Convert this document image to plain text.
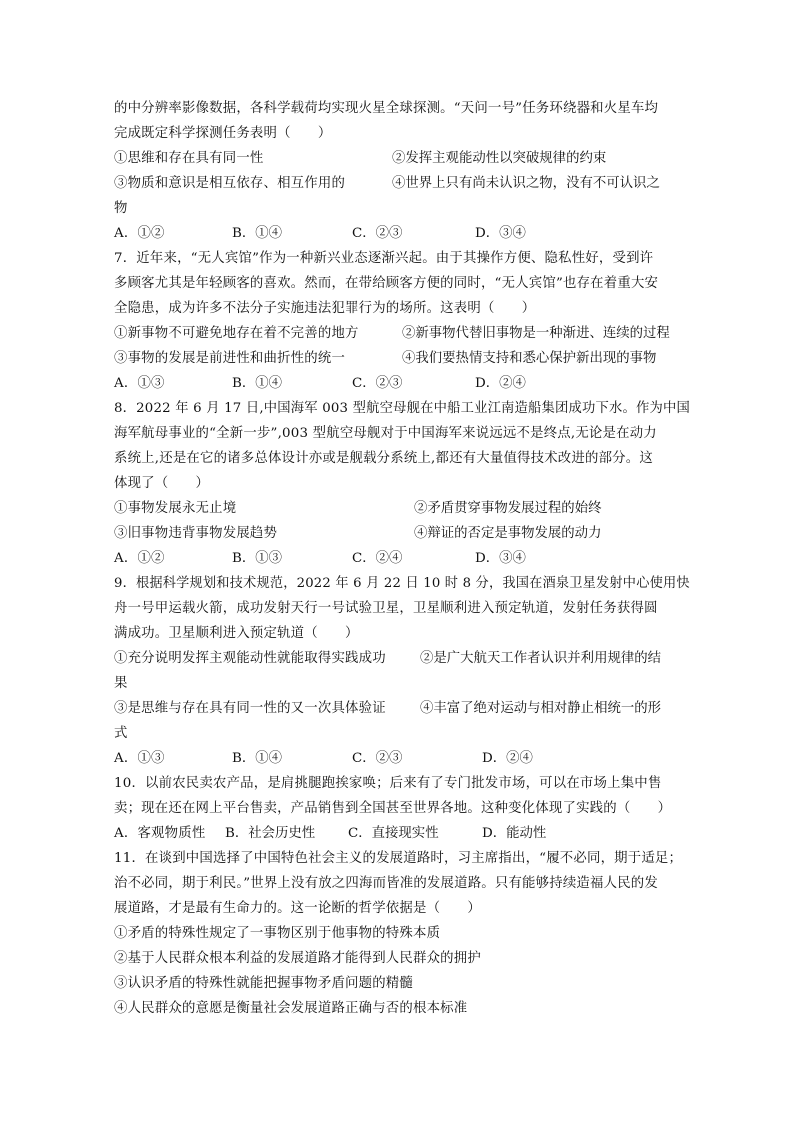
的中分辨率影像数据，各科学载荷均实现火星全球探测。“天问一号”任务环绕器和火星车均
完成既定科学探测任务表明（　　）
①思维和存在具有同一性	②发挥主观能动性以突破规律的约束
③物质和意识是相互依存、相互作用的	④世界上只有尚未认识之物，没有不可认识之
物
A．①②	B．①④	C．②③	D．③④
7．近年来，“无人宾馆”作为一种新兴业态逐渐兴起。由于其操作方便、隐私性好，受到许
多顾客尤其是年轻顾客的喜欢。然而，在带给顾客方便的同时，“无人宾馆”也存在着重大安
全隐患，成为许多不法分子实施违法犯罪行为的场所。这表明（　　）
①新事物不可避免地存在着不完善的地方	②新事物代替旧事物是一种渐进、连续的过程
③事物的发展是前进性和曲折性的统一	④我们要热情支持和悉心保护新出现的事物
A．①③	B．①④	C．②③	D．②④
8．2022 年 6 月 17 日,中国海军 003 型航空母舰在中船工业江南造船集团成功下水。作为中国
海军航母事业的“全新一步”,003 型航空母舰对于中国海军来说远远不是终点,无论是在动力
系统上,还是在它的诸多总体设计亦或是舰载分系统上,都还有大量值得技术改进的部分。这
体现了（　　）
①事物发展永无止境	②矛盾贯穿事物发展过程的始终
③旧事物违背事物发展趋势	④辩证的否定是事物发展的动力
A．①②	B．①③	C．②④	D．③④
9．根据科学规划和技术规范，2022 年 6 月 22 日 10 时 8 分，我国在酒泉卫星发射中心使用快
舟一号甲运载火箭，成功发射天行一号试验卫星，卫星顺利进入预定轨道，发射任务获得圆
满成功。卫星顺利进入预定轨道（　　）
①充分说明发挥主观能动性就能取得实践成功	②是广大航天工作者认识并利用规律的结
果
③是思维与存在具有同一性的又一次具体验证	④丰富了绝对运动与相对静止相统一的形
式
A．①③	B．①④	C．②③	D．②④
10．以前农民卖农产品，是肩挑腿跑挨家唤；后来有了专门批发市场，可以在市场上集中售
卖；现在还在网上平台售卖，产品销售到全国甚至世界各地。这种变化体现了实践的（　　）
A．客观物质性 B．社会历史性 C．直接现实性	D．能动性
11．在谈到中国选择了中国特色社会主义的发展道路时，习主席指出，“履不必同，期于适足；
治不必同，期于利民。”世界上没有放之四海而皆准的发展道路。只有能够持续造福人民的发
展道路，才是最有生命力的。这一论断的哲学依据是（　　）
①矛盾的特殊性规定了一事物区别于他事物的特殊本质
②基于人民群众根本利益的发展道路才能得到人民群众的拥护
③认识矛盾的特殊性就能把握事物矛盾问题的精髓
④人民群众的意愿是衡量社会发展道路正确与否的根本标准
